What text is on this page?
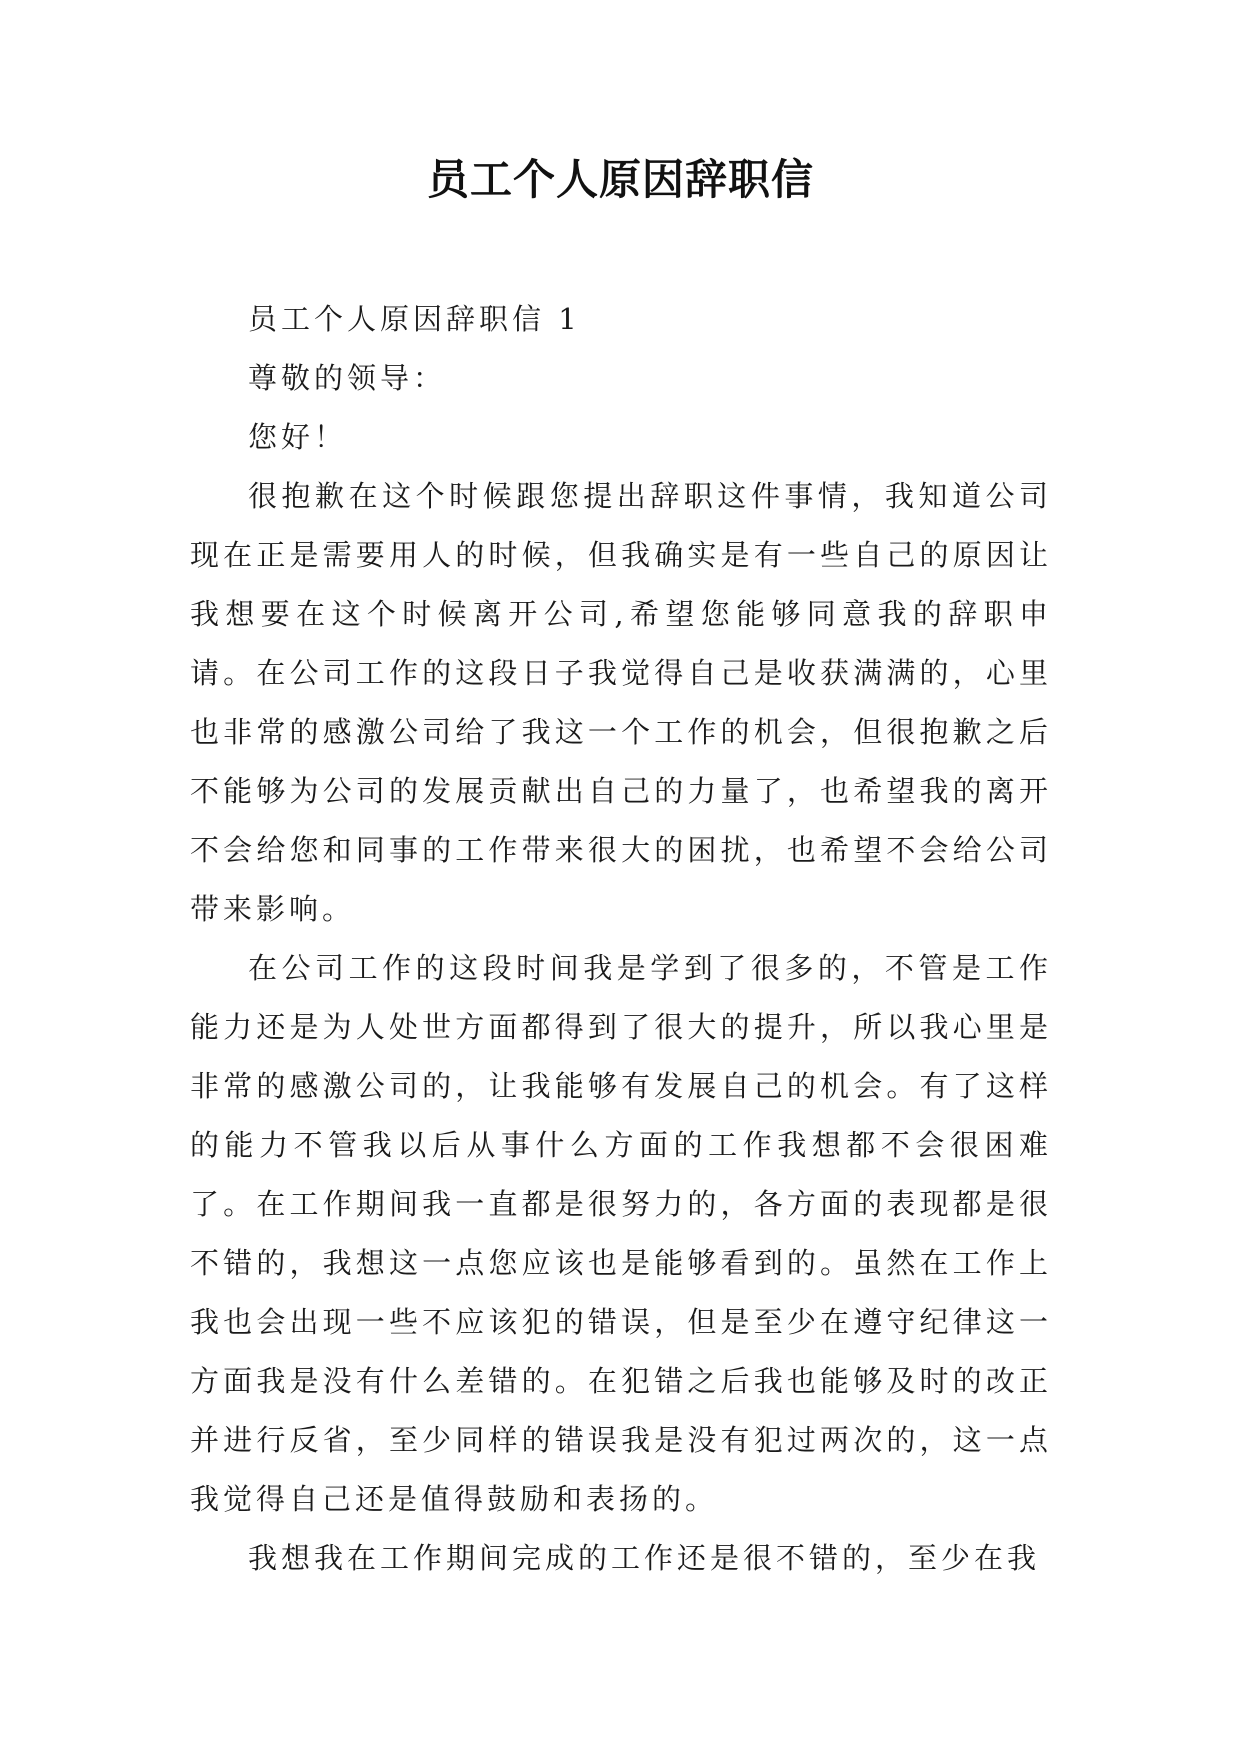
员工个人原因辞职信

员工个人原因辞职信 1

尊敬的领导：

您好！

很抱歉在这个时候跟您提出辞职这件事情，我知道公司现在正是需要用人的时候，但我确实是有一些自己的原因让我想要在这个时候离开公司,希望您能够同意我的辞职申请。在公司工作的这段日子我觉得自己是收获满满的，心里也非常的感激公司给了我这一个工作的机会，但很抱歉之后不能够为公司的发展贡献出自己的力量了，也希望我的离开不会给您和同事的工作带来很大的困扰，也希望不会给公司带来影响。

在公司工作的这段时间我是学到了很多的，不管是工作能力还是为人处世方面都得到了很大的提升，所以我心里是非常的感激公司的，让我能够有发展自己的机会。有了这样的能力不管我以后从事什么方面的工作我想都不会很困难了。在工作期间我一直都是很努力的，各方面的表现都是很不错的，我想这一点您应该也是能够看到的。虽然在工作上我也会出现一些不应该犯的错误，但是至少在遵守纪律这一方面我是没有什么差错的。在犯错之后我也能够及时的改正并进行反省，至少同样的错误我是没有犯过两次的，这一点我觉得自己还是值得鼓励和表扬的。

我想我在工作期间完成的工作还是很不错的，至少在我
